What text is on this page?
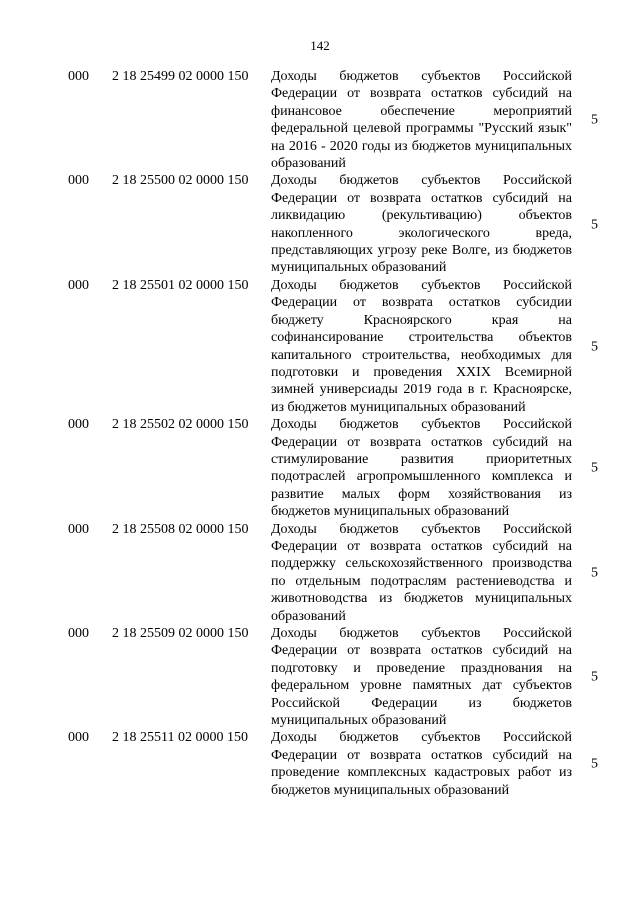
142
000 2 18 25499 02 0000 150 Доходы бюджетов субъектов Российской Федерации от возврата остатков субсидий на финансовое обеспечение мероприятий федеральной целевой программы "Русский язык" на 2016 - 2020 годы из бюджетов муниципальных образований
5
000 2 18 25500 02 0000 150 Доходы бюджетов субъектов Российской Федерации от возврата остатков субсидий на ликвидацию (рекультивацию) объектов накопленного экологического вреда, представляющих угрозу реке Волге, из бюджетов муниципальных образований
5
000 2 18 25501 02 0000 150 Доходы бюджетов субъектов Российской Федерации от возврата остатков субсидии бюджету Красноярского края на софинансирование строительства объектов капитального строительства, необходимых для подготовки и проведения XXIX Всемирной зимней универсиады 2019 года в г. Красноярске, из бюджетов муниципальных образований
5
000 2 18 25502 02 0000 150 Доходы бюджетов субъектов Российской Федерации от возврата остатков субсидий на стимулирование развития приоритетных подотраслей агропромышленного комплекса и развитие малых форм хозяйствования из бюджетов муниципальных образований
5
000 2 18 25508 02 0000 150 Доходы бюджетов субъектов Российской Федерации от возврата остатков субсидий на поддержку сельскохозяйственного производства по отдельным подотраслям растениеводства и животноводства из бюджетов муниципальных образований
5
000 2 18 25509 02 0000 150 Доходы бюджетов субъектов Российской Федерации от возврата остатков субсидий на подготовку и проведение празднования на федеральном уровне памятных дат субъектов Российской Федерации из бюджетов муниципальных образований
5
000 2 18 25511 02 0000 150 Доходы бюджетов субъектов Российской Федерации от возврата остатков субсидий на проведение комплексных кадастровых работ из бюджетов муниципальных образований
5
